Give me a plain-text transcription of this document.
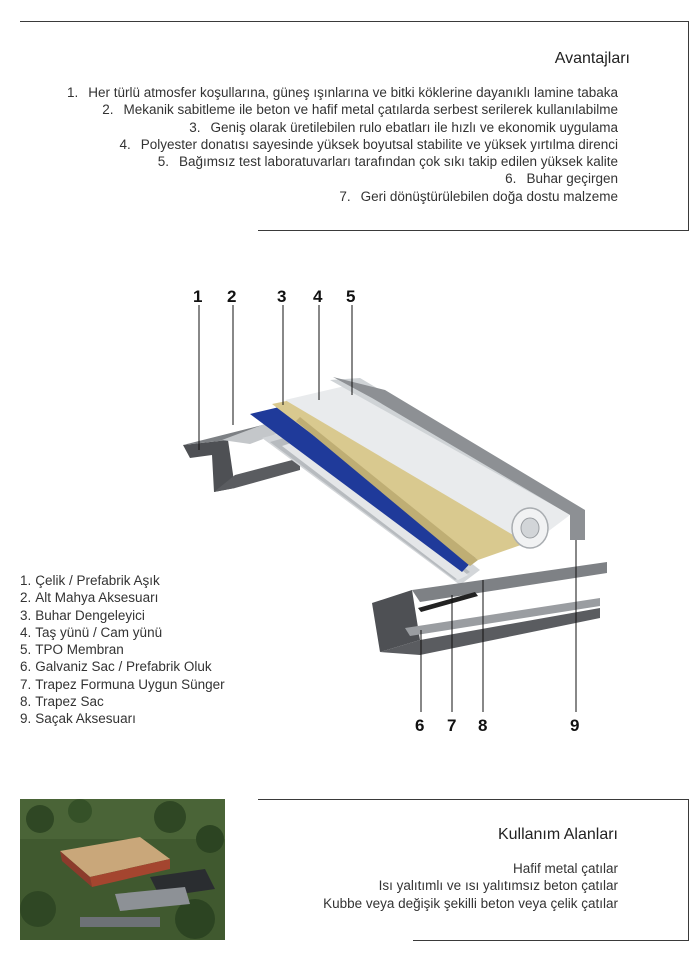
Avantajları
1. Her türlü atmosfer koşullarına, güneş ışınlarına ve bitki köklerine dayanıklı lamine tabaka
2. Mekanik sabitleme ile beton ve hafif metal çatılarda serbest serilerek kullanılabilme
3. Geniş olarak üretilebilen rulo ebatları ile hızlı ve ekonomik uygulama
4. Polyester donatısı sayesinde yüksek boyutsal stabilite ve yüksek yırtılma direnci
5. Bağımsız test laboratuvarları tarafından çok sıkı takip edilen yüksek kalite
6. Buhar geçirgen
7. Geri dönüştürülebilen doğa dostu malzeme
1 2 3 4 5
6 7 8	9
1. Çelik / Prefabrik Aşık
2. Alt Mahya Aksesuarı
3. Buhar Dengeleyici
4. Taş yünü / Cam yünü
5. TPO Membran
6. Galvaniz Sac / Prefabrik Oluk
7. Trapez Formuna Uygun Sünger
8. Trapez Sac
9. Saçak Aksesuarı
Kullanım Alanları
Hafif metal çatılar
Isı yalıtımlı ve ısı yalıtımsız beton çatılar
Kubbe veya değişik şekilli beton veya çelik çatılar
